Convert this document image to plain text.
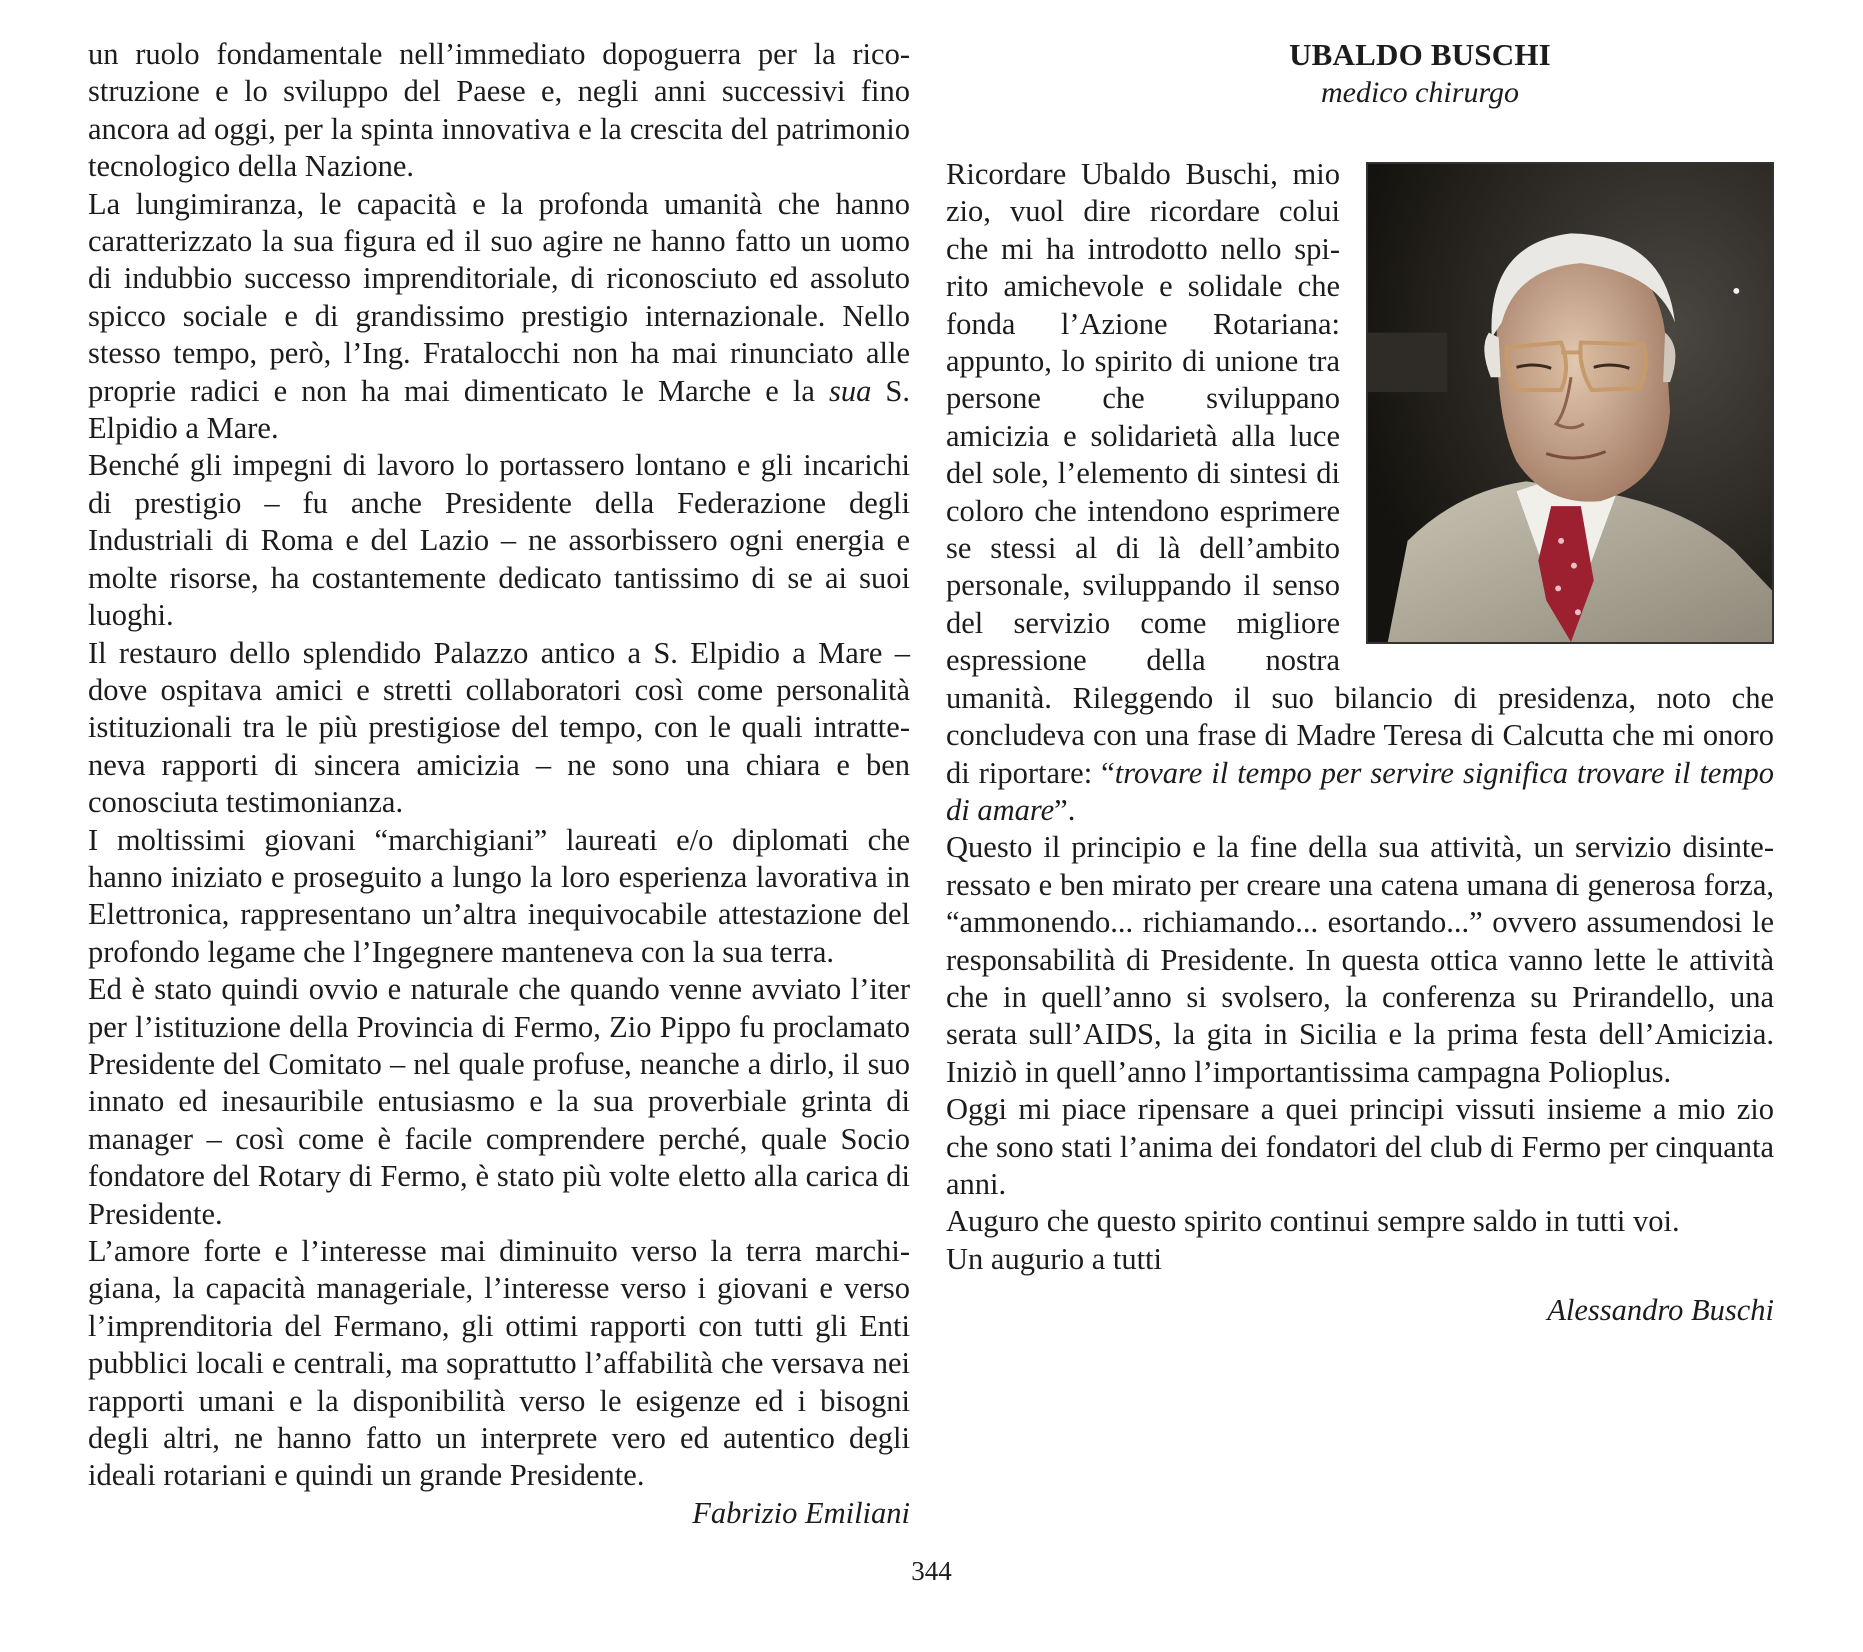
un ruolo fondamentale nell’immediato dopoguerra per la ricostruzione e lo sviluppo del Paese e, negli anni successivi fino ancora ad oggi, per la spinta innovativa e la crescita del patrimonio tecnologico della Nazione.

La lungimiranza, le capacità e la profonda umanità che hanno caratterizzato la sua figura ed il suo agire ne hanno fatto un uomo di indubbio successo imprenditoriale, di riconosciuto ed assoluto spicco sociale e di grandissimo prestigio internazionale. Nello stesso tempo, però, l’Ing. Fratalocchi non ha mai rinunciato alle proprie radici e non ha mai dimenticato le Marche e la sua S. Elpidio a Mare.

Benché gli impegni di lavoro lo portassero lontano e gli incarichi di prestigio – fu anche Presidente della Federazione degli Industriali di Roma e del Lazio – ne assorbissero ogni energia e molte risorse, ha costantemente dedicato tantissimo di se ai suoi luoghi.

Il restauro dello splendido Palazzo antico a S. Elpidio a Mare – dove ospitava amici e stretti collaboratori così come personalità istituzionali tra le più prestigiose del tempo, con le quali intratteneva rapporti di sincera amicizia – ne sono una chiara e ben conosciuta testimonianza.

I moltissimi giovani “marchigiani” laureati e/o diplomati che hanno iniziato e proseguito a lungo la loro esperienza lavorativa in Elettronica, rappresentano un’altra inequivocabile attestazione del profondo legame che l’Ingegnere manteneva con la sua terra.

Ed è stato quindi ovvio e naturale che quando venne avviato l’iter per l’istituzione della Provincia di Fermo, Zio Pippo fu proclamato Presidente del Comitato – nel quale profuse, neanche a dirlo, il suo innato ed inesauribile entusiasmo e la sua proverbiale grinta di manager – così come è facile comprendere perché, quale Socio fondatore del Rotary di Fermo, è stato più volte eletto alla carica di Presidente.

L’amore forte e l’interesse mai diminuito verso la terra marchigiana, la capacità manageriale, l’interesse verso i giovani e verso l’imprenditoria del Fermano, gli ottimi rapporti con tutti gli Enti pubblici locali e centrali, ma soprattutto l’affabilità che versava nei rapporti umani e la disponibilità verso le esigenze ed i bisogni degli altri, ne hanno fatto un interprete vero ed autentico degli ideali rotariani e quindi un grande Presidente.

Fabrizio Emiliani

UBALDO BUSCHI
medico chirurgo

Ricordare Ubaldo Buschi, mio zio, vuol dire ricordare colui che mi ha introdotto nello spirito amichevole e solidale che fonda l’Azione Rotariana: appunto, lo spirito di unione tra persone che sviluppano amicizia e solidarietà alla luce del sole, l’elemento di sintesi di coloro che intendono esprimere se stessi al di là dell’ambito personale, sviluppando il senso del servizio come migliore espressione della nostra umanità. Rileggendo il suo bilancio di presidenza, noto che concludeva con una frase di Madre Teresa di Calcutta che mi onoro di riportare: “trovare il tempo per servire significa trovare il tempo di amare”.

Questo il principio e la fine della sua attività, un servizio disinteressato e ben mirato per creare una catena umana di generosa forza, “ammonendo... richiamando... esortando...” ovvero assumendosi le responsabilità di Presidente. In questa ottica vanno lette le attività che in quell’anno si svolsero, la conferenza su Prirandello, una serata sull’AIDS, la gita in Sicilia e la prima festa dell’Amicizia. Iniziò in quell’anno l’importantissima campagna Polioplus.

Oggi mi piace ripensare a quei principi vissuti insieme a mio zio che sono stati l’anima dei fondatori del club di Fermo per cinquanta anni.

Auguro che questo spirito continui sempre saldo in tutti voi.

Un augurio a tutti

Alessandro Buschi

344
